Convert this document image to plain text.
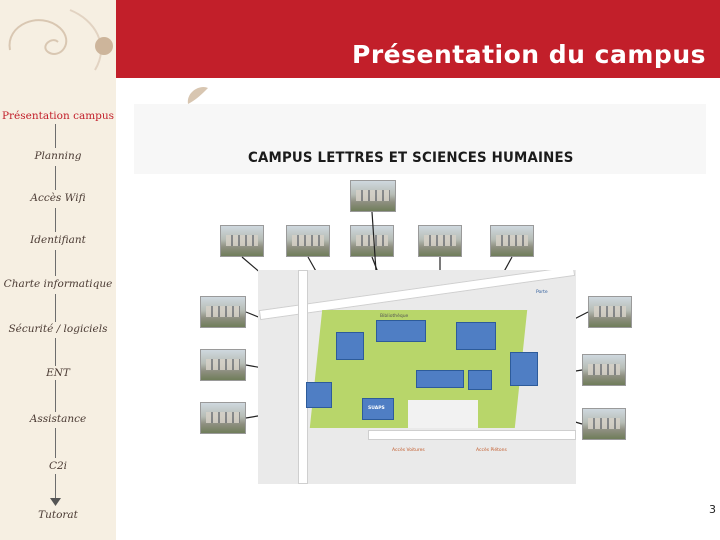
Présentation du campus
Présentation campus
Planning
Accès Wifi
Identifiant
Charte informatique
Sécurité / logiciels
ENT
Assistance
C2i
Tutorat
CAMPUS LETTRES ET SCIENCES HUMAINES
Bibliothèque
SUAPS
Porte
Accès Voitures	Accès Piétons
3
